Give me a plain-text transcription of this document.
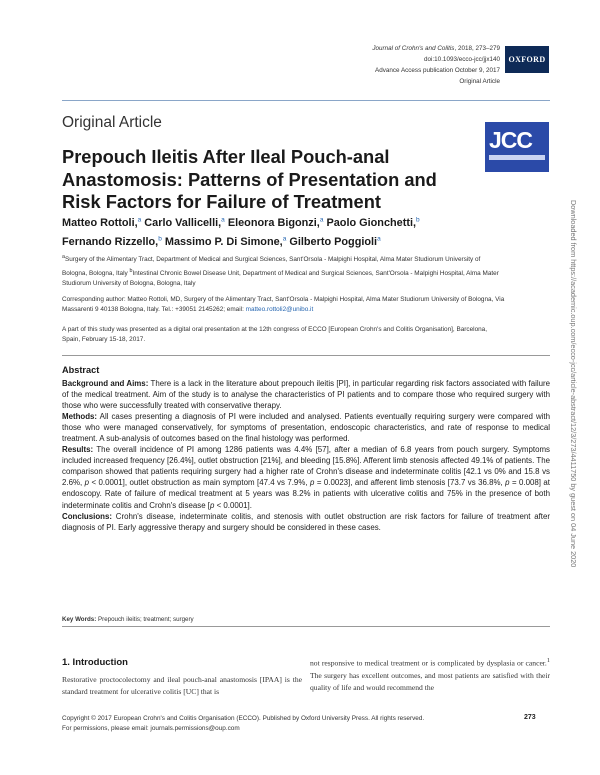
Journal of Crohn's and Colitis, 2018, 273–279
doi:10.1093/ecco-jcc/jjx140
Advance Access publication October 9, 2017
Original Article
OXFORD
Original Article
JCC
Prepouch Ileitis After Ileal Pouch-anal Anastomosis: Patterns of Presentation and Risk Factors for Failure of Treatment
Matteo Rottoli,$^a$ Carlo Vallicelli,$^a$ Eleonora Bigonzi,$^a$ Paolo Gionchetti,$^b$
Fernando Rizzello,$^b$ Massimo P. Di Simone,$^a$ Gilberto Poggioli$^a$
$^a$Surgery of the Alimentary Tract, Department of Medical and Surgical Sciences, Sant'Orsola - Malpighi Hospital, Alma Mater Studiorum University of Bologna, Bologna, Italy $^b$Intestinal Chronic Bowel Disease Unit, Department of Medical and Surgical Sciences, Sant'Orsola - Malpighi Hospital, Alma Mater Studiorum University of Bologna, Bologna, Italy
Corresponding author: Matteo Rottoli, MD, Surgery of the Alimentary Tract, Sant'Orsola - Malpighi Hospital, Alma Mater Studiorum University of Bologna, Via Massarenti 9 40138 Bologna, Italy. Tel.: +39051 2145262; email: matteo.rottoli2@unibo.it
A part of this study was presented as a digital oral presentation at the 12th congress of ECCO [European Crohn's and Colitis Organisation], Barcelona, Spain, February 15-18, 2017.
Abstract

Background and Aims: There is a lack in the literature about prepouch ileitis [PI], in particular regarding risk factors associated with failure of the medical treatment. Aim of the study is to analyse the characteristics of PI patients and to compare those who required surgery with those who were successfully treated with conservative therapy.

Methods: All cases presenting a diagnosis of PI were included and analysed. Patients eventually requiring surgery were compared with those who were managed conservatively, for symptoms of presentation, endoscopic characteristics, and rate of response to medical treatment. A sub-analysis of outcomes based on the final histology was performed.

Results: The overall incidence of PI among 1286 patients was 4.4% [57], after a median of 6.8 years from pouch surgery. Symptoms included increased frequency [26.4%], outlet obstruction [21%], and bleeding [15.8%]. Afferent limb stenosis affected 49.1% of patients. The comparison showed that patients requiring surgery had a higher rate of Crohn's disease and indeterminate colitis [42.1 vs 0% and 15.8 vs 2.6%, p < 0.0001], outlet obstruction as main symptom [47.4 vs 7.9%, p = 0.0023], and afferent limb stenosis [73.7 vs 36.8%, p = 0.008] at endoscopy. Rate of failure of medical treatment at 5 years was 8.2% in patients with ulcerative colitis and 75% in the presence of both indeterminate colitis and Crohn's disease [p < 0.0001].

Conclusions: Crohn's disease, indeterminate colitis, and stenosis with outlet obstruction are risk factors for failure of treatment after diagnosis of PI. Early aggressive therapy and surgery should be considered in these cases.

Key Words: Prepouch ileitis; treatment; surgery
1. Introduction
Restorative proctocolectomy and ileal pouch-anal anastomosis [IPAA] is the standard treatment for ulcerative colitis [UC] that is
not responsive to medical treatment or is complicated by dysplasia or cancer.$^1$ The surgery has excellent outcomes, and most patients are satisfied with their quality of life and would recommend the
Copyright © 2017 European Crohn's and Colitis Organisation (ECCO). Published by Oxford University Press. All rights reserved.
For permissions, please email: journals.permissions@oup.com
273
Downloaded from https://academic.oup.com/ecco-jcc/article-abstract/12/3/273/4411750 by guest on 04 June 2020
